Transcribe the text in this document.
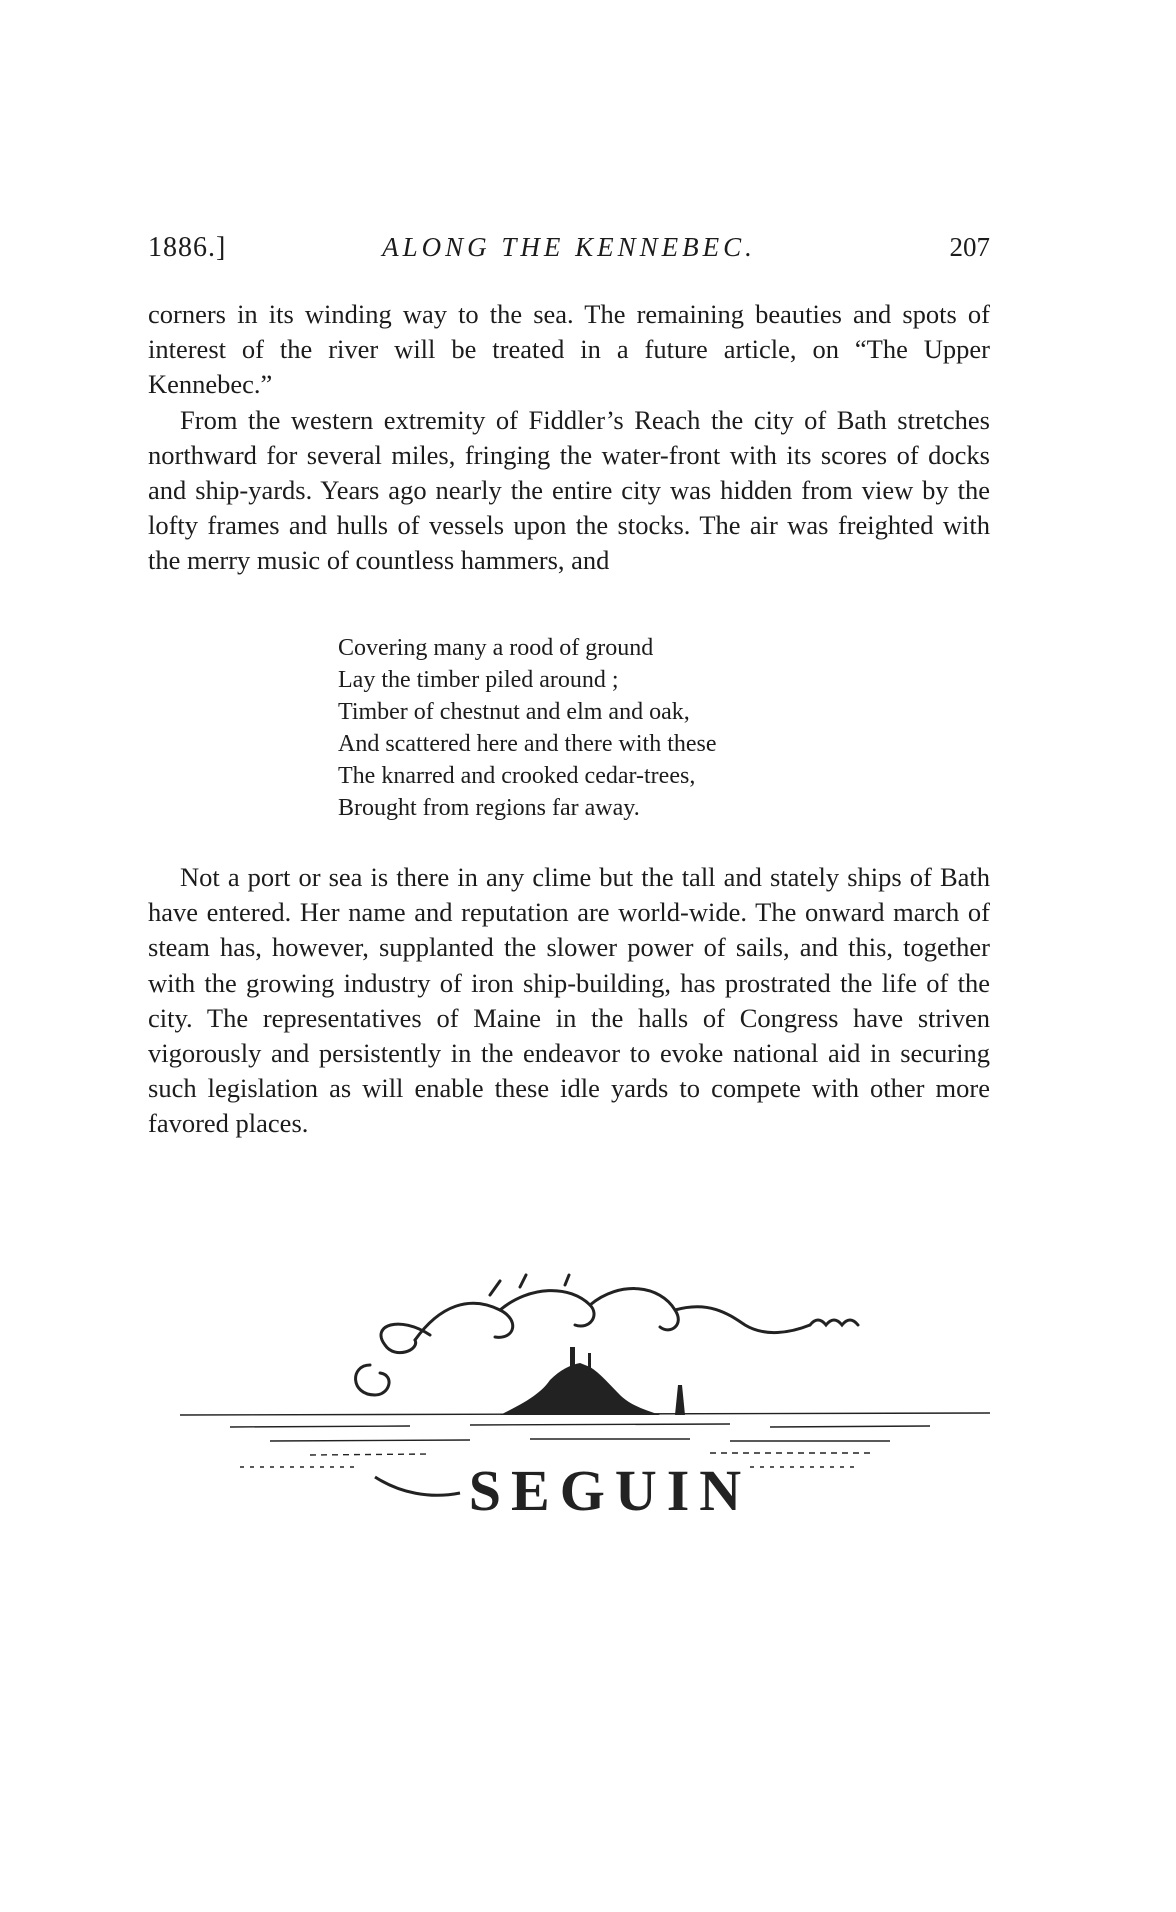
1886.]	ALONG THE KENNEBEC.	207

corners in its winding way to the sea. The remaining beauties and spots of interest of the river will be treated in a future article, on “The Upper Kennebec.”

From the western extremity of Fiddler’s Reach the city of Bath stretches northward for several miles, fringing the water-front with its scores of docks and ship-yards. Years ago nearly the entire city was hidden from view by the lofty frames and hulls of vessels upon the stocks. The air was freighted with the merry music of countless hammers, and

Covering many a rood of ground
Lay the timber piled around ;
Timber of chestnut and elm and oak,
And scattered here and there with these
The knarred and crooked cedar-trees,
Brought from regions far away.

Not a port or sea is there in any clime but the tall and stately ships of Bath have entered. Her name and reputation are world-wide. The onward march of steam has, however, supplanted the slower power of sails, and this, together with the growing industry of iron ship-building, has prostrated the life of the city. The representatives of Maine in the halls of Congress have striven vigorously and persistently in the endeavor to evoke national aid in securing such legislation as will enable these idle yards to compete with other more favored places.

SEGUIN
